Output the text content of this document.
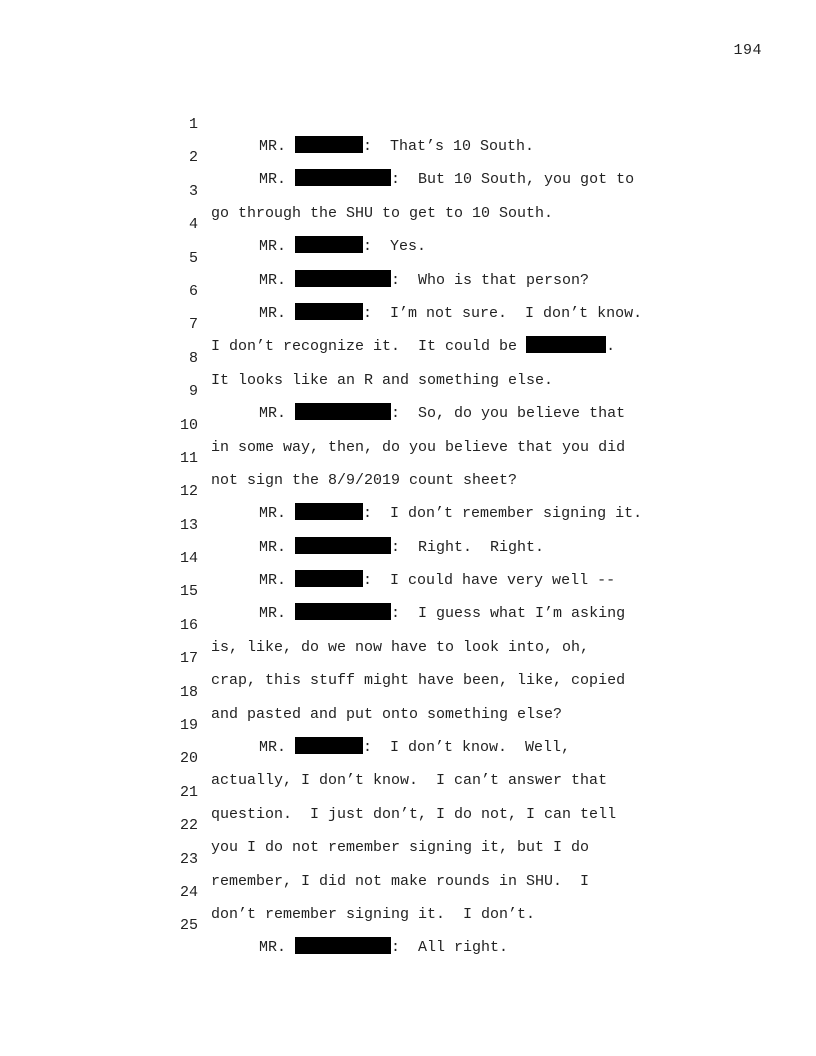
194

1

MR.	:  That’s 10 South.

2

MR.	:  But 10 South, you got to

3

go through the SHU to get to 10 South.

4

MR.	:  Yes.

5

MR.	:  Who is that person?

6

MR.	:  I’m not sure.  I don’t know.

7

I don’t recognize it.  It could be	.

8

It looks like an R and something else.

9

MR.	:  So, do you believe that

10

in some way, then, do you believe that you did

11

not sign the 8/9/2019 count sheet?

12

MR.	:  I don’t remember signing it.

13

MR.	:  Right.  Right.

14

MR.	:  I could have very well --

15

MR.	:  I guess what I’m asking

16

is, like, do we now have to look into, oh,

17

crap, this stuff might have been, like, copied

18

and pasted and put onto something else?

19

MR.	:  I don’t know.  Well,

20

actually, I don’t know.  I can’t answer that

21

question.  I just don’t, I do not, I can tell

22

you I do not remember signing it, but I do

23

remember, I did not make rounds in SHU.  I

24

don’t remember signing it.  I don’t.

25

MR.	:  All right.
